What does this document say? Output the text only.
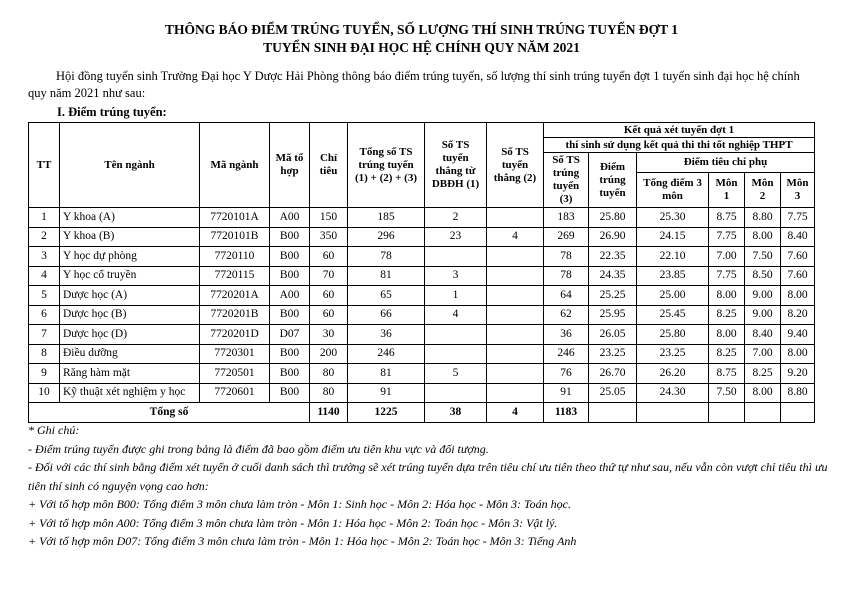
THÔNG BÁO ĐIỂM TRÚNG TUYỂN, SỐ LƯỢNG THÍ SINH TRÚNG TUYỂN ĐỢT 1
TUYỂN SINH ĐẠI HỌC HỆ CHÍNH QUY NĂM 2021
Hội đồng tuyển sinh Trường Đại học Y Dược Hải Phòng thông báo điểm trúng tuyển, số lượng thí sinh trúng tuyển đợt 1 tuyển sinh đại học hệ chính quy năm 2021 như sau:
I. Điểm trúng tuyển:
TT	Tên ngành	Mã ngành	Mã tổ hợp	Chỉ tiêu	Tổng số TS trúng tuyển (1) + (2) + (3)	Số TS tuyển thẳng từ DBĐH (1)	Số TS tuyển thẳng (2)	Kết quả xét tuyển đợt 1					
								thí sinh sử dụng kết quả thi thi tốt nghiệp THPT					
								Số TS trúng tuyển (3)	Điểm trúng tuyển	Điểm tiêu chí phụ			
										Tổng điểm 3 môn	Môn 1	Môn 2	Môn 3
1	Y khoa (A)	7720101A	A00	150	185	2		183	25.80	25.30	8.75	8.80	7.75
2	Y khoa (B)	7720101B	B00	350	296	23	4	269	26.90	24.15	7.75	8.00	8.40
3	Y học dự phòng	7720110	B00	60	78			78	22.35	22.10	7.00	7.50	7.60
4	Y học cổ truyền	7720115	B00	70	81	3		78	24.35	23.85	7.75	8.50	7.60
5	Dược học (A)	7720201A	A00	60	65	1		64	25.25	25.00	8.00	9.00	8.00
6	Dược học (B)	7720201B	B00	60	66	4		62	25.95	25.45	8.25	9.00	8.20
7	Dược học (D)	7720201D	D07	30	36			36	26.05	25.80	8.00	8.40	9.40
8	Điều dưỡng	7720301	B00	200	246			246	23.25	23.25	8.25	7.00	8.00
9	Răng hàm mặt	7720501	B00	80	81	5		76	26.70	26.20	8.75	8.25	9.20
10	Kỹ thuật xét nghiệm y học	7720601	B00	80	91			91	25.05	24.30	7.50	8.00	8.80
Tổng số				1140	1225	38	4	1183					
* Ghi chú:
- Điểm trúng tuyển được ghi trong bảng là điểm đã bao gồm điểm ưu tiên khu vực và đối tượng.
- Đối với các thí sinh bằng điểm xét tuyển ở cuối danh sách thì trường sẽ xét trúng tuyển dựa trên tiêu chí ưu tiên theo thứ tự như sau, nếu vẫn còn vượt chỉ tiêu thì ưu tiên thí sinh có nguyện vọng cao hơn:
+ Với tổ hợp môn B00: Tổng điểm 3 môn chưa làm tròn - Môn 1: Sinh học - Môn 2: Hóa học - Môn 3: Toán học.
+ Với tổ hợp môn A00: Tổng điểm 3 môn chưa làm tròn - Môn 1: Hóa học - Môn 2: Toán học - Môn 3: Vật lý.
+ Với tổ hợp môn D07: Tổng điểm 3 môn chưa làm tròn - Môn 1: Hóa học - Môn 2: Toán học - Môn 3: Tiếng Anh
